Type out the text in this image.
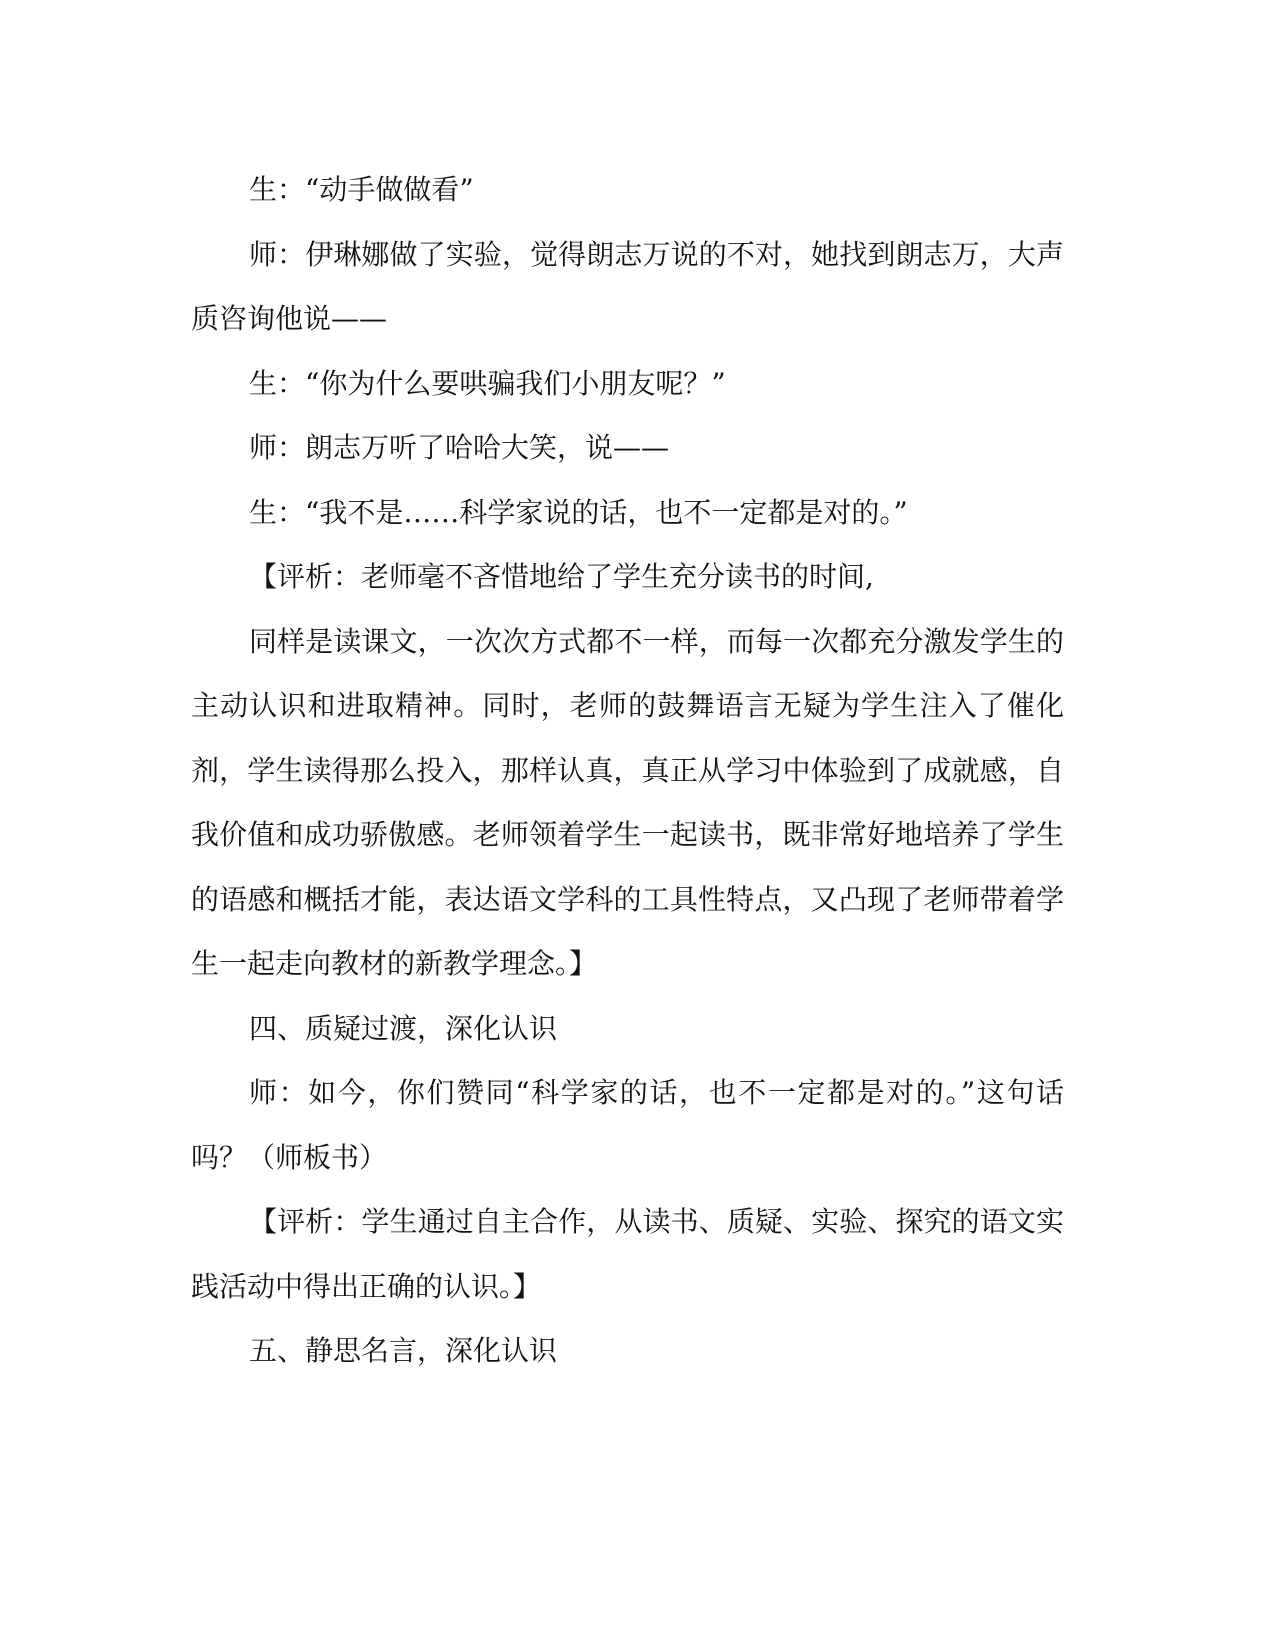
生：“动手做做看”

师：伊琳娜做了实验，觉得朗志万说的不对，她找到朗志万，大声质咨询他说——

生：“你为什么要哄骗我们小朋友呢？”

师：朗志万听了哈哈大笑，说——

生：“我不是……科学家说的话，也不一定都是对的。”

【评析：老师毫不吝惜地给了学生充分读书的时间,

同样是读课文，一次次方式都不一样，而每一次都充分激发学生的主动认识和进取精神。同时，老师的鼓舞语言无疑为学生注入了催化剂，学生读得那么投入，那样认真，真正从学习中体验到了成就感，自我价值和成功骄傲感。老师领着学生一起读书，既非常好地培养了学生的语感和概括才能，表达语文学科的工具性特点，又凸现了老师带着学生一起走向教材的新教学理念。】

四、质疑过渡，深化认识

师：如今，你们赞同“科学家的话，也不一定都是对的。”这句话吗？（师板书）

【评析：学生通过自主合作，从读书、质疑、实验、探究的语文实践活动中得出正确的认识。】

五、静思名言，深化认识
